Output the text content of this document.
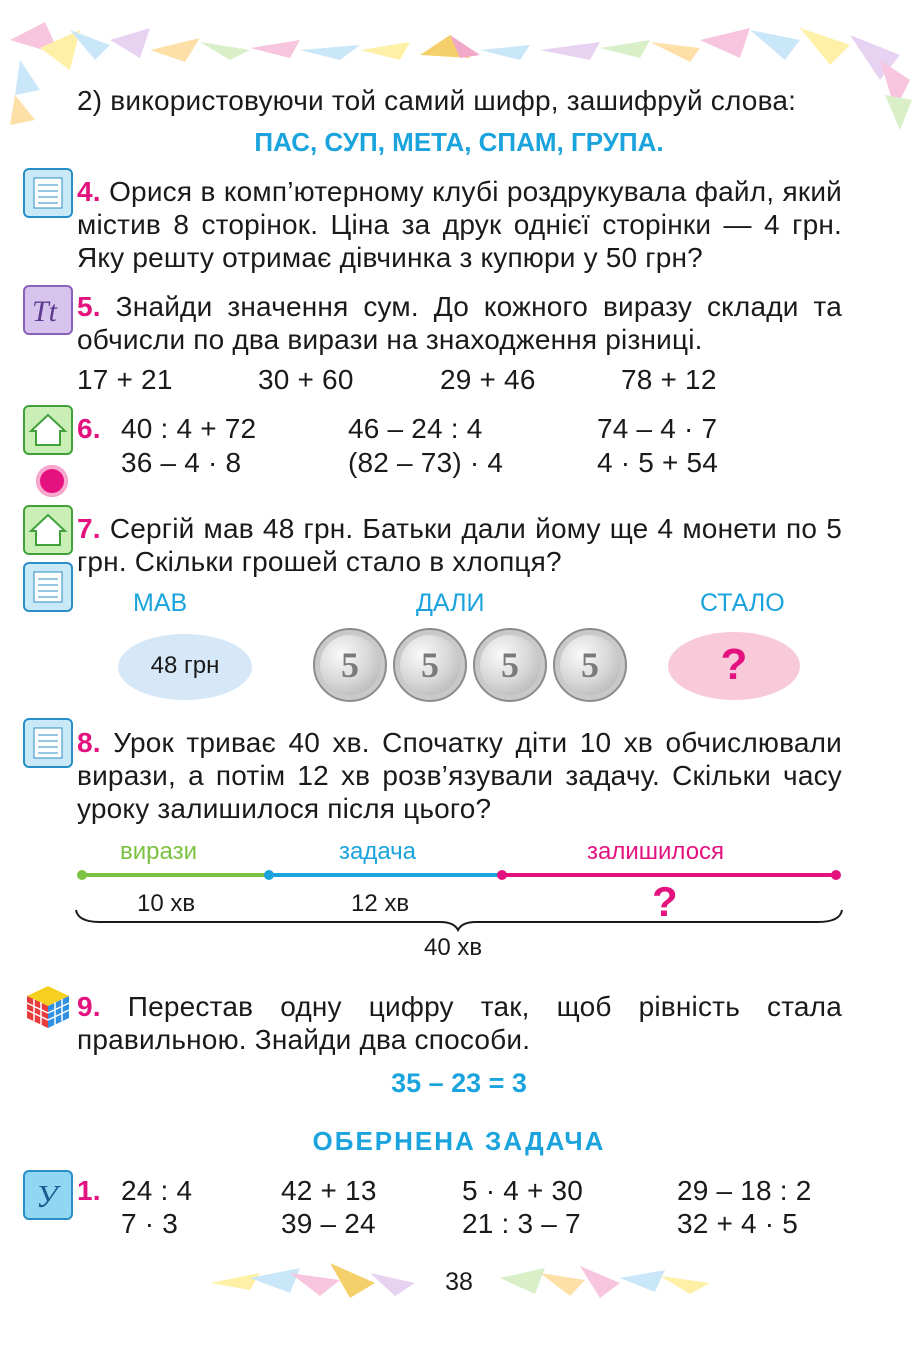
2) використовуючи той самий шифр, зашифруй слова:
ПАС, СУП, МЕТА, СПАМ, ГРУПА.
4. Орися в комп’ютерному клубі роздрукувала файл, який містив 8 сторінок. Ціна за друк однієї сторінки — 4 грн. Яку решту отримає дівчинка з купюри у 50 грн?
Τt 5. Знайди значення сум. До кожного виразу склади та обчисли по два вирази на знаходження різниці.
17 + 21	30 + 60	29 + 46	78 + 12
6. 40 : 4 + 72	46 – 24 : 4	74 – 4 · 7
36 – 4 · 8	(82 – 73) · 4	4 · 5 + 54
7. Сергій мав 48 грн. Батьки дали йому ще 4 монети по 5 грн. Скільки грошей стало в хлопця?
МАВ	ДАЛИ	СТАЛО
48 грн	5	5	5	5	?
8. Урок триває 40 хв. Спочатку діти 10 хв обчислювали вирази, а потім 12 хв розв’язували задачу. Скільки часу уроку залишилося після цього?
вирази	задача	залишилося
10 хв	12 хв	?
40 хв
9. Перестав одну цифру так, щоб рівність стала правильною. Знайди два способи.
35 – 23 = 3
ОБЕРНЕНА ЗАДАЧА
У 1. 24 : 4	42 + 13	5 · 4 + 30	29 – 18 : 2
7 · 3	39 – 24	21 : 3 – 7	32 + 4 · 5
38
